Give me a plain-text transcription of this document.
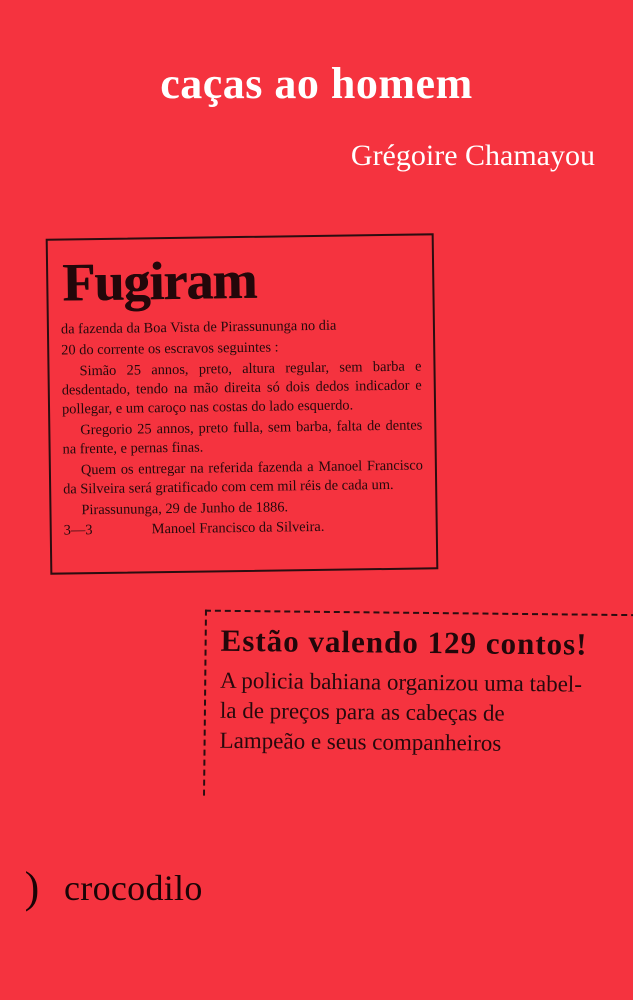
caças ao homem
Grégoire Chamayou
Fugiram

da fazenda da Boa Vista de Pirassununga no dia

20 do corrente os escravos seguintes :

Simão 25 annos, preto, altura regular, sem barba e desdentado, tendo na mão direita só dois dedos indicador e pollegar, e um caroço nas costas do lado esquerdo.

Gregorio 25 annos, preto fulla, sem barba, falta de dentes na frente, e pernas finas.

Quem os entregar na referida fazenda a Manoel Francisco da Silveira será gratificado com cem mil réis de cada um.

Pirassununga, 29 de Junho de 1886.

3—3	Manoel Francisco da Silveira.
Estão valendo 129 contos!

A policia bahiana organizou uma tabel-

la de preços para as cabeças de

Lampeão e seus companheiros

) crocodilo
